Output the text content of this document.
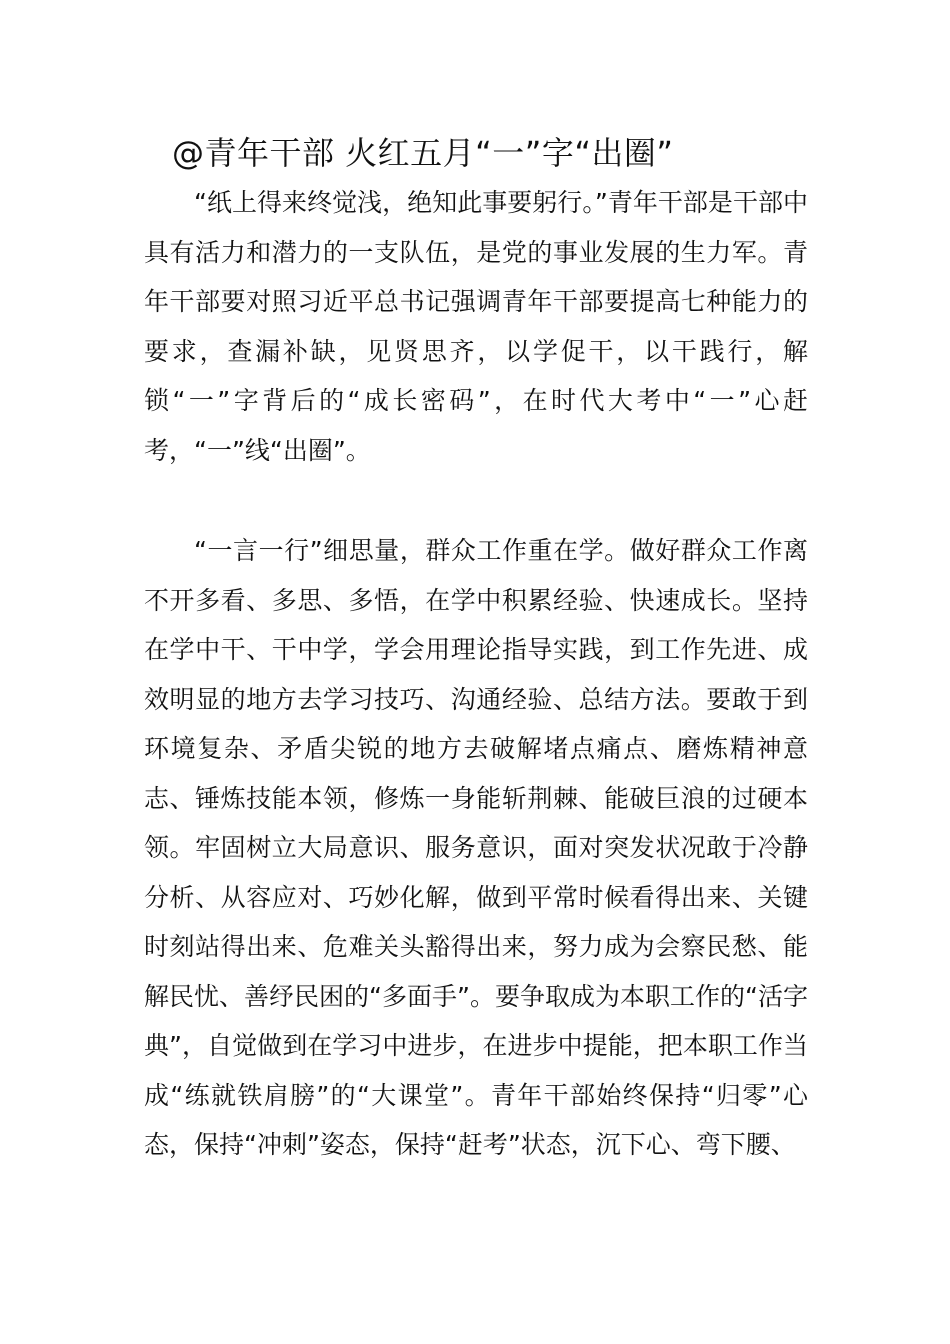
@青年干部 火红五月“一”字“出圈”

“纸上得来终觉浅，绝知此事要躬行。”青年干部是干部中具有活力和潜力的一支队伍，是党的事业发展的生力军。青年干部要对照习近平总书记强调青年干部要提高七种能力的要求，查漏补缺，见贤思齐，以学促干，以干践行，解锁“一”字背后的“成长密码”，在时代大考中“一”心赶考，“一”线“出圈”。

“一言一行”细思量，群众工作重在学。做好群众工作离不开多看、多思、多悟，在学中积累经验、快速成长。坚持在学中干、干中学，学会用理论指导实践，到工作先进、成效明显的地方去学习技巧、沟通经验、总结方法。要敢于到环境复杂、矛盾尖锐的地方去破解堵点痛点、磨炼精神意志、锤炼技能本领，修炼一身能斩荆棘、能破巨浪的过硬本领。牢固树立大局意识、服务意识，面对突发状况敢于冷静分析、从容应对、巧妙化解，做到平常时候看得出来、关键时刻站得出来、危难关头豁得出来，努力成为会察民愁、能解民忧、善纾民困的“多面手”。要争取成为本职工作的“活字典”，自觉做到在学习中进步，在进步中提能，把本职工作当成“练就铁肩膀”的“大课堂”。青年干部始终保持“归零”心态，保持“冲刺”姿态，保持“赶考”状态，沉下心、弯下腰、
